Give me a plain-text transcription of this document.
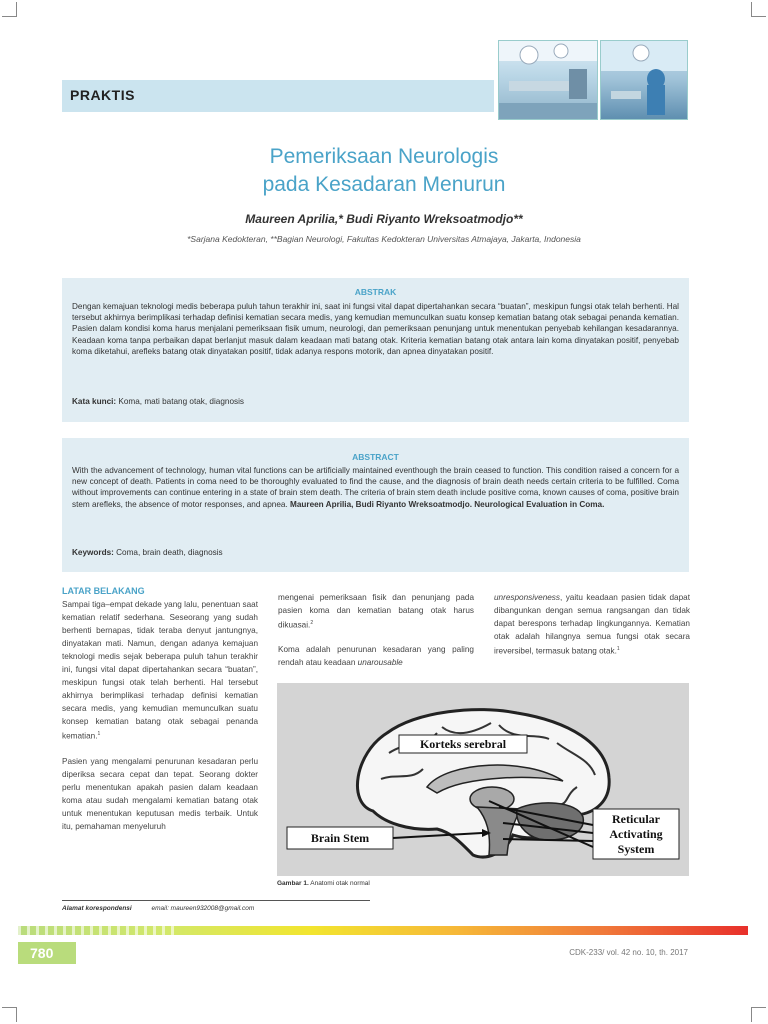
PRAKTIS
Pemeriksaan Neurologis
pada Kesadaran Menurun
Maureen Aprilia,* Budi Riyanto Wreksoatmodjo**
*Sarjana Kedokteran, **Bagian Neurologi, Fakultas Kedokteran Universitas Atmajaya, Jakarta, Indonesia
ABSTRAK
Dengan kemajuan teknologi medis beberapa puluh tahun terakhir ini, saat ini fungsi vital dapat dipertahankan secara “buatan”, meskipun fungsi otak telah berhenti. Hal tersebut akhirnya berimplikasi terhadap definisi kematian secara medis, yang kemudian memunculkan suatu konsep kematian batang otak sebagai penanda kematian. Pasien dalam kondisi koma harus menjalani pemeriksaan fisik umum, neurologi, dan pemeriksaan penunjang untuk menentukan penyebab kehilangan kesadarannya. Keadaan koma tanpa perbaikan dapat berlanjut masuk dalam keadaan mati batang otak. Kriteria kematian batang otak antara lain koma dinyatakan positif, penyebab koma diketahui, arefleks batang otak dinyatakan positif, tidak adanya respons motorik, dan apnea dinyatakan positif.
Kata kunci: Koma, mati batang otak, diagnosis
ABSTRACT
With the advancement of technology, human vital functions can be artificially maintained eventhough the brain ceased to function. This condition raised a concern for a new concept of death. Patients in coma need to be thoroughly evaluated to find the cause, and the diagnosis of brain death needs certain criteria to be fulfilled. Coma without improvements can continue entering in a state of brain stem death. The criteria of brain stem death include positive coma, known causes of coma, positive brain stem arefleks, the absence of motor responses, and apnea. Maureen Aprilia, Budi Riyanto Wreksoatmodjo. Neurological Evaluation in Coma.
Keywords: Coma, brain death, diagnosis
LATAR BELAKANG
Sampai tiga–empat dekade yang lalu, penentuan saat kematian relatif sederhana. Seseorang yang sudah berhenti bernapas, tidak teraba denyut jantungnya, dinyatakan mati. Namun, dengan adanya kemajuan teknologi medis sejak beberapa puluh tahun terakhir ini, fungsi vital dapat dipertahankan secara “buatan”, meskipun fungsi otak telah berhenti. Hal tersebut akhirnya berimplikasi terhadap definisi kematian secara medis, yang kemudian memunculkan suatu konsep kematian batang otak sebagai penanda kematian.$^1$
Pasien yang mengalami penurunan kesadaran perlu diperiksa secara cepat dan tepat. Seorang dokter perlu menentukan apakah pasien dalam keadaan koma atau sudah mengalami kematian batang otak untuk menentukan keputusan medis terbaik. Untuk itu, pemahaman menyeluruh
mengenai pemeriksaan fisik dan penunjang pada pasien koma dan kematian batang otak harus dikuasai.$^2$
Koma adalah penurunan kesadaran yang paling rendah atau keadaan unarousable
unresponsiveness, yaitu keadaan pasien tidak dapat dibangunkan dengan semua rangsangan dan tidak dapat berespons terhadap lingkungannya. Kematian otak adalah hilangnya semua fungsi otak secara ireversibel, termasuk batang otak.$^1$
Korteks serebral
Brain Stem
Reticular
Activating
System
Gambar 1. Anatomi otak normal
Alamat korespondensi	email: maureen932008@gmail.com
780	CDK-233/ vol. 42 no. 10, th. 2017
